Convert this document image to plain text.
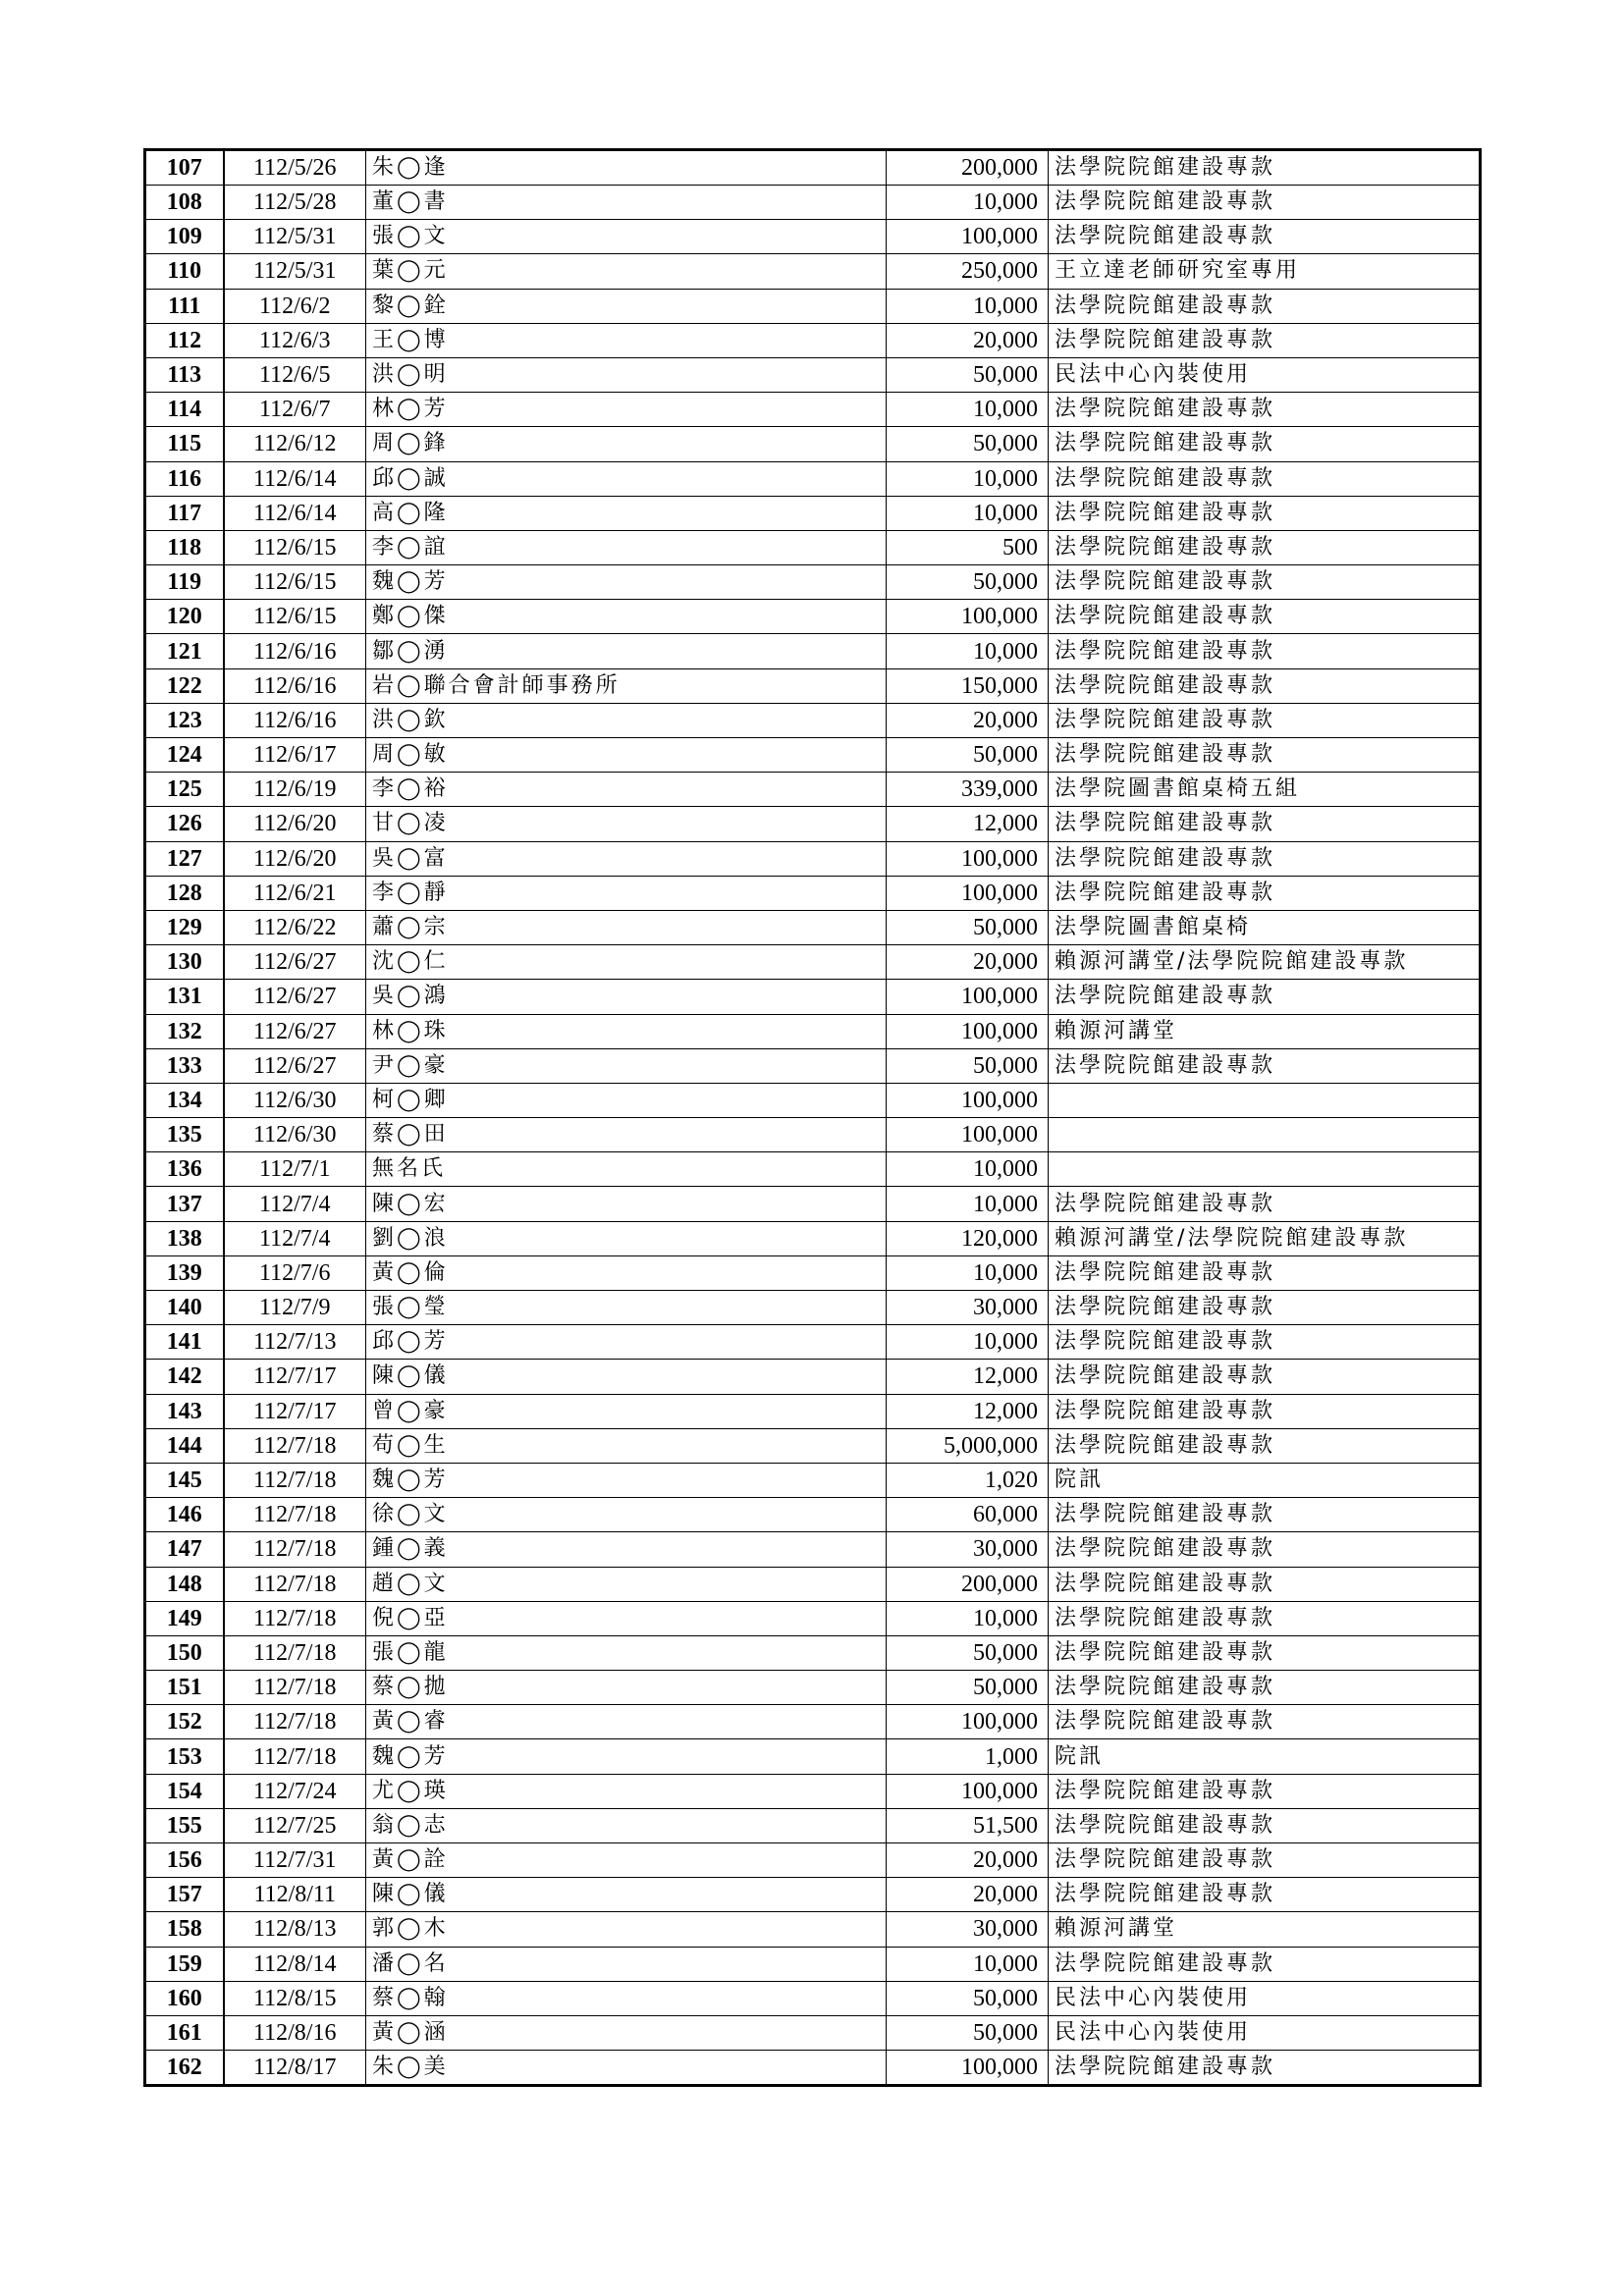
107	112/5/26	朱◯逢	200,000	法學院院館建設專款
108	112/5/28	董◯書	10,000	法學院院館建設專款
109	112/5/31	張◯文	100,000	法學院院館建設專款
110	112/5/31	葉◯元	250,000	王立達老師研究室專用
111	112/6/2	黎◯銓	10,000	法學院院館建設專款
112	112/6/3	王◯博	20,000	法學院院館建設專款
113	112/6/5	洪◯明	50,000	民法中心內裝使用
114	112/6/7	林◯芳	10,000	法學院院館建設專款
115	112/6/12	周◯鋒	50,000	法學院院館建設專款
116	112/6/14	邱◯誠	10,000	法學院院館建設專款
117	112/6/14	高◯隆	10,000	法學院院館建設專款
118	112/6/15	李◯誼	500	法學院院館建設專款
119	112/6/15	魏◯芳	50,000	法學院院館建設專款
120	112/6/15	鄭◯傑	100,000	法學院院館建設專款
121	112/6/16	鄒◯湧	10,000	法學院院館建設專款
122	112/6/16	岩◯聯合會計師事務所	150,000	法學院院館建設專款
123	112/6/16	洪◯欽	20,000	法學院院館建設專款
124	112/6/17	周◯敏	50,000	法學院院館建設專款
125	112/6/19	李◯裕	339,000	法學院圖書館桌椅五組
126	112/6/20	甘◯凌	12,000	法學院院館建設專款
127	112/6/20	吳◯富	100,000	法學院院館建設專款
128	112/6/21	李◯靜	100,000	法學院院館建設專款
129	112/6/22	蕭◯宗	50,000	法學院圖書館桌椅
130	112/6/27	沈◯仁	20,000	賴源河講堂/法學院院館建設專款
131	112/6/27	吳◯鴻	100,000	法學院院館建設專款
132	112/6/27	林◯珠	100,000	賴源河講堂
133	112/6/27	尹◯豪	50,000	法學院院館建設專款
134	112/6/30	柯◯卿	100,000	
135	112/6/30	蔡◯田	100,000	
136	112/7/1	無名氏	10,000	
137	112/7/4	陳◯宏	10,000	法學院院館建設專款
138	112/7/4	劉◯浪	120,000	賴源河講堂/法學院院館建設專款
139	112/7/6	黃◯倫	10,000	法學院院館建設專款
140	112/7/9	張◯瑩	30,000	法學院院館建設專款
141	112/7/13	邱◯芳	10,000	法學院院館建設專款
142	112/7/17	陳◯儀	12,000	法學院院館建設專款
143	112/7/17	曾◯豪	12,000	法學院院館建設專款
144	112/7/18	苟◯生	5,000,000	法學院院館建設專款
145	112/7/18	魏◯芳	1,020	院訊
146	112/7/18	徐◯文	60,000	法學院院館建設專款
147	112/7/18	鍾◯義	30,000	法學院院館建設專款
148	112/7/18	趙◯文	200,000	法學院院館建設專款
149	112/7/18	倪◯亞	10,000	法學院院館建設專款
150	112/7/18	張◯龍	50,000	法學院院館建設專款
151	112/7/18	蔡◯拋	50,000	法學院院館建設專款
152	112/7/18	黃◯睿	100,000	法學院院館建設專款
153	112/7/18	魏◯芳	1,000	院訊
154	112/7/24	尤◯瑛	100,000	法學院院館建設專款
155	112/7/25	翁◯志	51,500	法學院院館建設專款
156	112/7/31	黃◯詮	20,000	法學院院館建設專款
157	112/8/11	陳◯儀	20,000	法學院院館建設專款
158	112/8/13	郭◯木	30,000	賴源河講堂
159	112/8/14	潘◯名	10,000	法學院院館建設專款
160	112/8/15	蔡◯翰	50,000	民法中心內裝使用
161	112/8/16	黃◯涵	50,000	民法中心內裝使用
162	112/8/17	朱◯美	100,000	法學院院館建設專款
